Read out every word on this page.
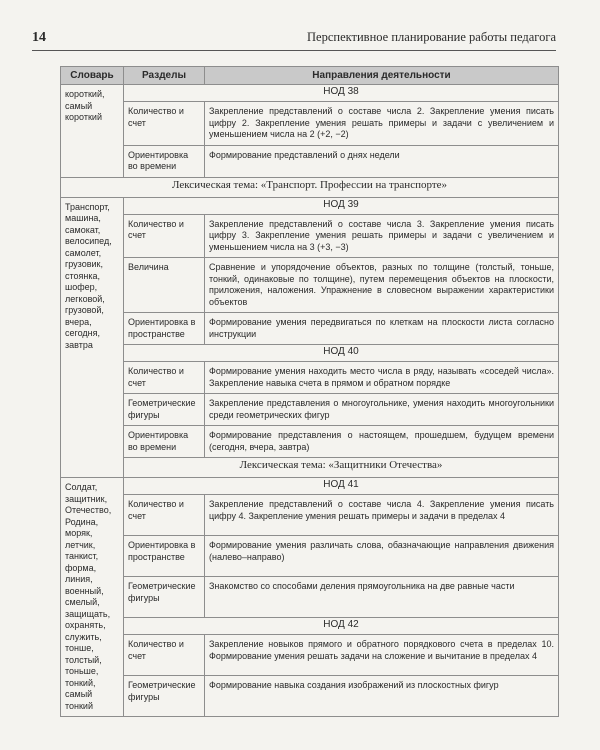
14	Перспективное планирование работы педагога
Словарь	Разделы	Направления деятельности
короткий, самый короткий	НОД 38	
	Количество и счет	Закрепление представлений о составе числа 2. Закрепление умения писать цифру 2. Закрепление умения решать примеры и задачи с увеличением и уменьшением числа на 2 (+2, −2)
	Ориентировка во времени	Формирование представлений о днях недели
Лексическая тема: «Транспорт. Профессии на транспорте»		
Транспорт, машина, самокат, велосипед, самолет, грузовик, стоянка, шофер, легковой, грузовой, вчера, сегодня, завтра	НОД 39	
	Количество и счет	Закрепление представлений о составе числа 3. Закрепление умения писать цифру 3. Закрепление умения решать примеры и задачи с увеличением и уменьшением числа на 3 (+3, −3)
	Величина	Сравнение и упорядочение объектов, разных по толщине (толстый, тоньше, тонкий, одинаковые по толщине), путем перемещения объектов на плоскости, приложения, наложения. Упражнение в словесном выражении характеристики объектов
	Ориентировка в пространстве	Формирование умения передвигаться по клеткам на плоскости листа согласно инструкции
	НОД 40	
	Количество и счет	Формирование умения находить место числа в ряду, называть «соседей числа». Закрепление навыка счета в прямом и обратном порядке
	Геометрические фигуры	Закрепление представления о многоугольнике, умения находить многоугольники среди геометрических фигур
	Ориентировка во времени	Формирование представления о настоящем, прошедшем, будущем времени (сегодня, вчера, завтра)
	Лексическая тема: «Защитники Отечества»	
Солдат, защитник, Отечество, Родина, моряк, летчик, танкист, форма, линия, военный, смелый, защищать, охранять, служить, тонше, толстый, тоньше, тонкий, самый тонкий	НОД 41	
	Количество и счет	Закрепление представлений о составе числа 4. Закрепление умения писать цифру 4. Закрепление умения решать примеры и задачи в пределах 4
	Ориентировка в пространстве	Формирование умения различать слова, обазначающие направления движения (налево–направо)
	Геометрические фигуры	Знакомство со способами деления прямоугольника на две равные части
	НОД 42	
	Количество и счет	Закрепление новыков прямого и обратного порядкового счета в пределах 10. Формирование умения решать задачи на сложение и вычитание в пределах 4
	Геометрические фигуры	Формирование навыка создания изображений из плоскостных фигур
